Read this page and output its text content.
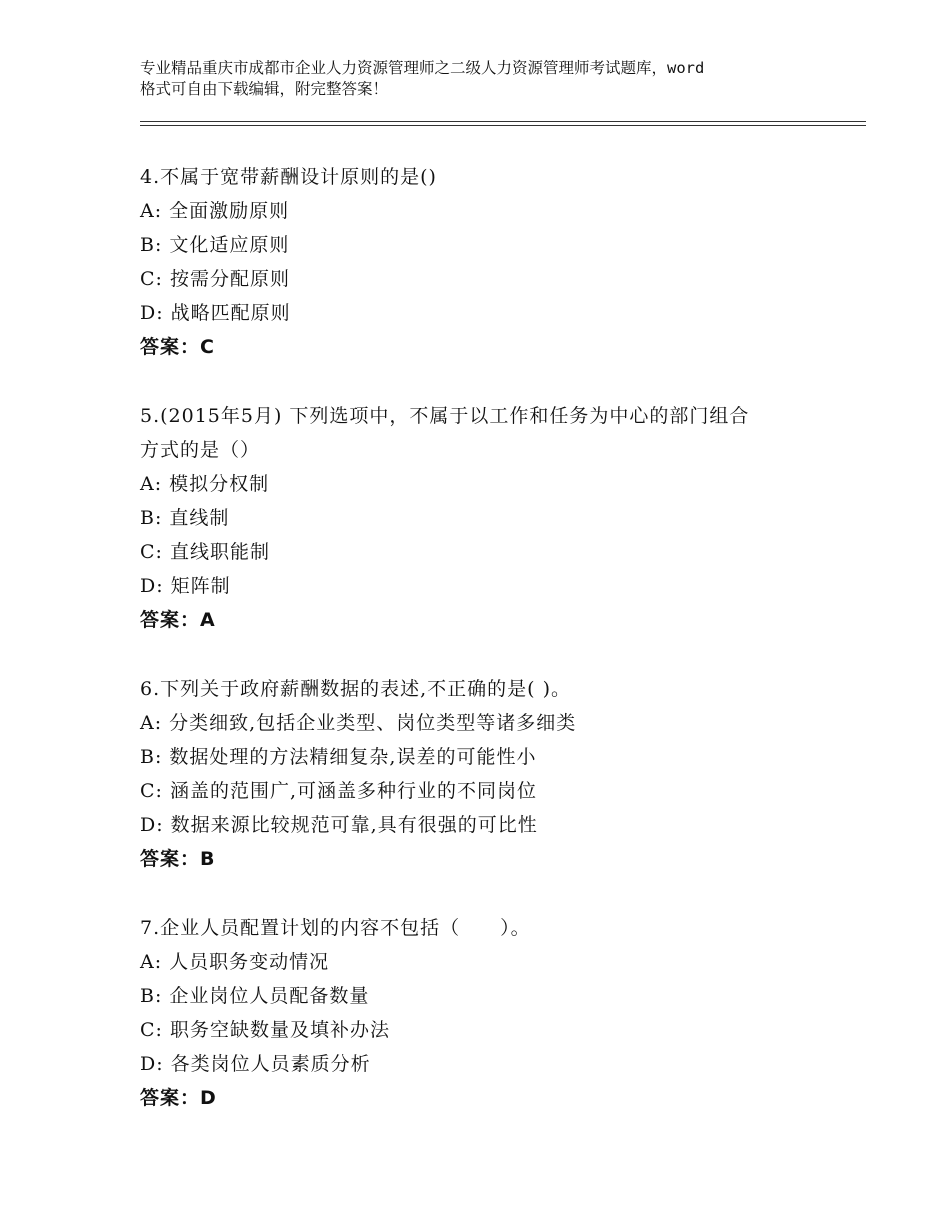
专业精品重庆市成都市企业人力资源管理师之二级人力资源管理师考试题库，word
格式可自由下载编辑，附完整答案！
4.不属于宽带薪酬设计原则的是()
A: 全面激励原则
B: 文化适应原则
C: 按需分配原则
D: 战略匹配原则
答案：C
5.(2015年5月) 下列选项中，不属于以工作和任务为中心的部门组合
方式的是（）
A: 模拟分权制
B: 直线制
C: 直线职能制
D: 矩阵制
答案：A
6.下列关于政府薪酬数据的表述,不正确的是( )。
A: 分类细致,包括企业类型、岗位类型等诸多细类
B: 数据处理的方法精细复杂,误差的可能性小
C: 涵盖的范围广,可涵盖多种行业的不同岗位
D: 数据来源比较规范可靠,具有很强的可比性
答案：B
7.企业人员配置计划的内容不包括（　　）。
A: 人员职务变动情况
B: 企业岗位人员配备数量
C: 职务空缺数量及填补办法
D: 各类岗位人员素质分析
答案：D
